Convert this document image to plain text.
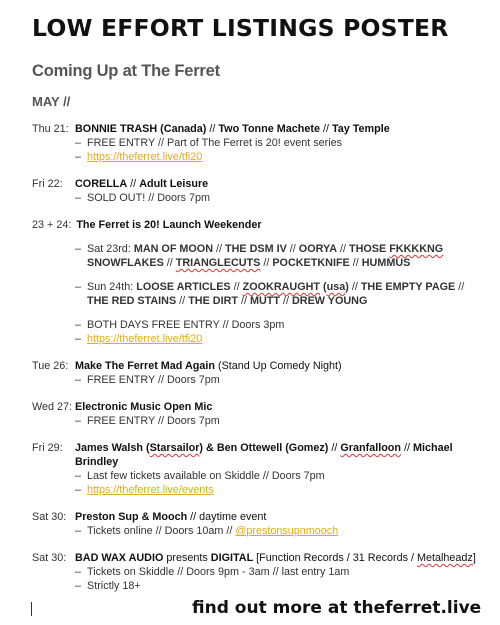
LOW EFFORT LISTINGS POSTER
Coming Up at The Ferret
MAY //
Thu 21: BONNIE TRASH (Canada) // Two Tonne Machete // Tay Temple
– FREE ENTRY // Part of The Ferret is 20! event series
– https://theferret.live/tfi20
Fri 22:	CORELLA // Adult Leisure
– SOLD OUT! // Doors 7pm
23 + 24: The Ferret is 20! Launch Weekender
– Sat 23rd: MAN OF MOON // THE DSM IV // OORYA // THOSE FKKKKNG SNOWFLAKES // TRIANGLECUTS // POCKETKNIFE // HUMMUS
– Sun 24th: LOOSE ARTICLES // ZOOKRAUGHT (usa) // THE EMPTY PAGE // THE RED STAINS // THE DIRT // MUTT // DREW YOUNG
– BOTH DAYS FREE ENTRY // Doors 3pm
– https://theferret.live/tfi20
Tue 26: Make The Ferret Mad Again (Stand Up Comedy Night)
– FREE ENTRY // Doors 7pm
Wed 27: Electronic Music Open Mic
– FREE ENTRY // Doors 7pm
Fri 29:	James Walsh (Starsailor) & Ben Ottewell (Gomez) // Granfalloon // Michael Brindley
– Last few tickets available on Skiddle // Doors 7pm
– https://theferret.live/events
Sat 30: Preston Sup & Mooch // daytime event
– Tickets online // Doors 10am // @prestonsupnmooch
Sat 30: BAD WAX AUDIO presents DIGITAL [Function Records / 31 Records / Metalheadz]
– Tickets on Skiddle // Doors 9pm - 3am // last entry 1am
– Strictly 18+
find out more at theferret.live
